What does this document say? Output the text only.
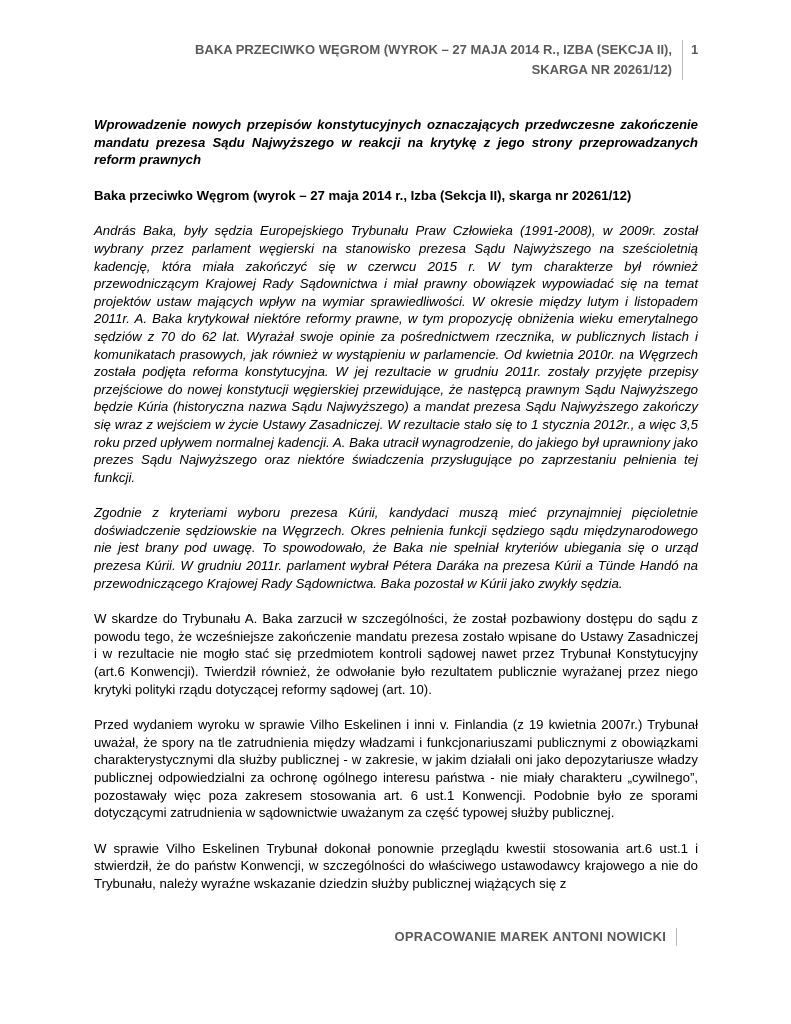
BAKA PRZECIWKO WĘGROM (WYROK – 27 MAJA 2014 R., IZBA (SEKCJA II),
SKARGA NR 20261/12)
1

Wprowadzenie nowych przepisów konstytucyjnych oznaczających przedwczesne zakończenie mandatu prezesa Sądu Najwyższego w reakcji na krytykę z jego strony przeprowadzanych reform prawnych

Baka przeciwko Węgrom (wyrok – 27 maja 2014 r., Izba (Sekcja II), skarga nr 20261/12)

András Baka, były sędzia Europejskiego Trybunału Praw Człowieka (1991-2008), w 2009r. został wybrany przez parlament węgierski na stanowisko prezesa Sądu Najwyższego na sześcioletnią kadencję, która miała zakończyć się w czerwcu 2015 r. W tym charakterze był również przewodniczącym Krajowej Rady Sądownictwa i miał prawny obowiązek wypowiadać się na temat projektów ustaw mających wpływ na wymiar sprawiedliwości. W okresie między lutym i listopadem 2011r. A. Baka krytykował niektóre reformy prawne, w tym propozycję obniżenia wieku emerytalnego sędziów z 70 do 62 lat. Wyrażał swoje opinie za pośrednictwem rzecznika, w publicznych listach i komunikatach prasowych, jak również w wystąpieniu w parlamencie. Od kwietnia 2010r. na Węgrzech została podjęta reforma konstytucyjna. W jej rezultacie w grudniu 2011r. zostały przyjęte przepisy przejściowe do nowej konstytucji węgierskiej przewidujące, że następcą prawnym Sądu Najwyższego będzie Kúria (historyczna nazwa Sądu Najwyższego) a mandat prezesa Sądu Najwyższego zakończy się wraz z wejściem w życie Ustawy Zasadniczej. W rezultacie stało się to 1 stycznia 2012r., a więc 3,5 roku przed upływem normalnej kadencji. A. Baka utracił wynagrodzenie, do jakiego był uprawniony jako prezes Sądu Najwyższego oraz niektóre świadczenia przysługujące po zaprzestaniu pełnienia tej funkcji.

Zgodnie z kryteriami wyboru prezesa Kúrii, kandydaci muszą mieć przynajmniej pięcioletnie doświadczenie sędziowskie na Węgrzech. Okres pełnienia funkcji sędziego sądu międzynarodowego nie jest brany pod uwagę. To spowodowało, że Baka nie spełniał kryteriów ubiegania się o urząd prezesa Kúrii. W grudniu 2011r. parlament wybrał Pétera Daráka na prezesa Kúrii a Tünde Handó na przewodniczącego Krajowej Rady Sądownictwa. Baka pozostał w Kúrii jako zwykły sędzia.

W skardze do Trybunału A. Baka zarzucił w szczególności, że został pozbawiony dostępu do sądu z powodu tego, że wcześniejsze zakończenie mandatu prezesa zostało wpisane do Ustawy Zasadniczej i w rezultacie nie mogło stać się przedmiotem kontroli sądowej nawet przez Trybunał Konstytucyjny (art.6 Konwencji). Twierdził również, że odwołanie było rezultatem publicznie wyrażanej przez niego krytyki polityki rządu dotyczącej reformy sądowej (art. 10).

Przed wydaniem wyroku w sprawie Vilho Eskelinen i inni v. Finlandia (z 19 kwietnia 2007r.) Trybunał uważał, że spory na tle zatrudnienia między władzami i funkcjonariuszami publicznymi z obowiązkami charakterystycznymi dla służby publicznej - w zakresie, w jakim działali oni jako depozytariusze władzy publicznej odpowiedzialni za ochronę ogólnego interesu państwa - nie miały charakteru „cywilnego”, pozostawały więc poza zakresem stosowania art. 6 ust.1 Konwencji. Podobnie było ze sporami dotyczącymi zatrudnienia w sądownictwie uważanym za część typowej służby publicznej.

W sprawie Vilho Eskelinen Trybunał dokonał ponownie przeglądu kwestii stosowania art.6 ust.1 i stwierdził, że do państw Konwencji, w szczególności do właściwego ustawodawcy krajowego a nie do Trybunału, należy wyraźne wskazanie dziedzin służby publicznej wiążących się z

OPRACOWANIE MAREK ANTONI NOWICKI
